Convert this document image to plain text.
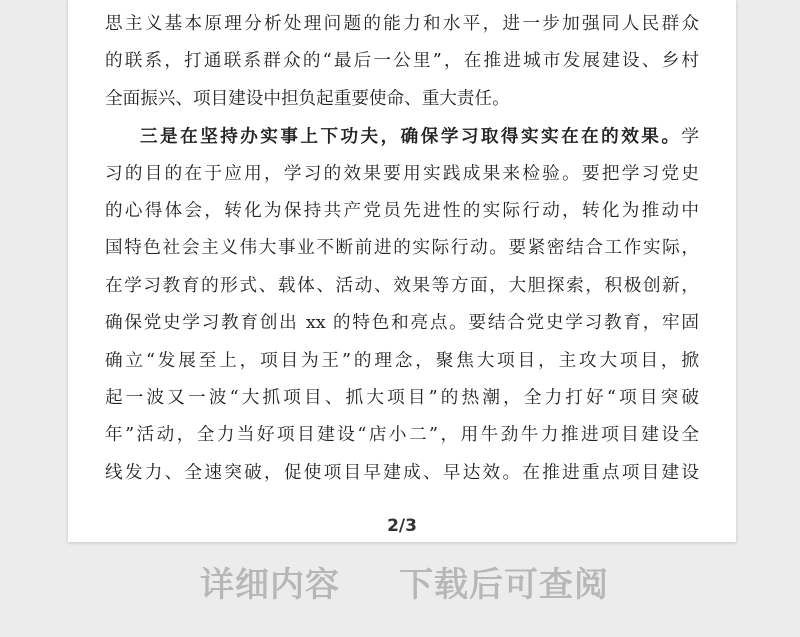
思主义基本原理分析处理问题的能力和水平，进一步加强同人民群众
的联系，打通联系群众的“最后一公里”，在推进城市发展建设、乡村
全面振兴、项目建设中担负起重要使命、重大责任。
三是在坚持办实事上下功夫，确保学习取得实实在在的效果。学
习的目的在于应用，学习的效果要用实践成果来检验。要把学习党史
的心得体会，转化为保持共产党员先进性的实际行动，转化为推动中
国特色社会主义伟大事业不断前进的实际行动。要紧密结合工作实际，
在学习教育的形式、载体、活动、效果等方面，大胆探索，积极创新，
确保党史学习教育创出 xx 的特色和亮点。要结合党史学习教育，牢固
确立“发展至上，项目为王”的理念，聚焦大项目，主攻大项目，掀
起一波又一波“大抓项目、抓大项目”的热潮，全力打好“项目突破
年”活动，全力当好项目建设“店小二”，用牛劲牛力推进项目建设全
线发力、全速突破，促使项目早建成、早达效。在推进重点项目建设
2/3
详细内容 下载后可查阅
